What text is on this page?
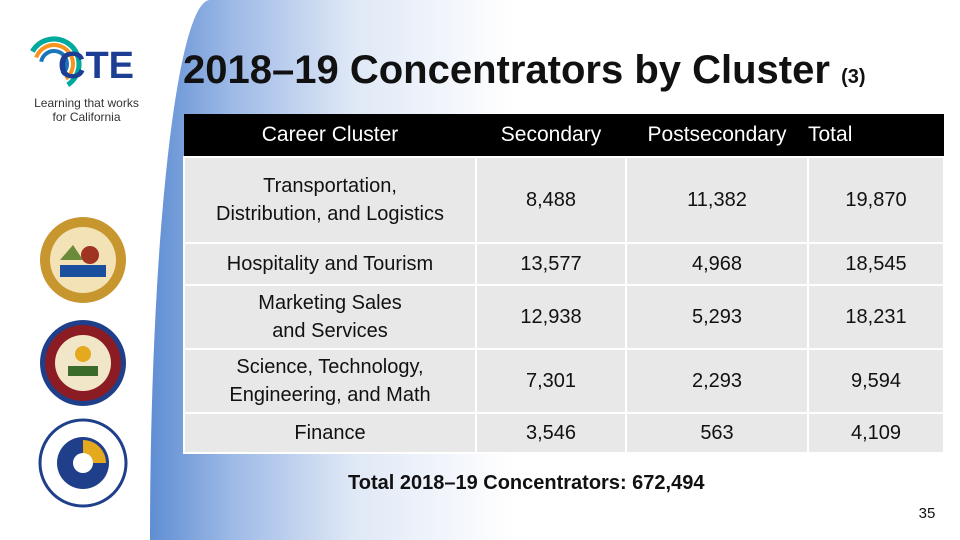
CTE
Learning that works
for California
2018–19 Concentrators by Cluster (3)
Career Cluster	Secondary	Postsecondary	Total

Transportation,
Distribution, and Logistics	8,488	11,382	19,870

Hospitality and Tourism	13,577	4,968	18,545

Marketing Sales
and Services	12,938	5,293	18,231

Science, Technology,
Engineering, and Math	7,301	2,293	9,594

Finance	3,546	563	4,109
Total 2018–19 Concentrators: 672,494
35
